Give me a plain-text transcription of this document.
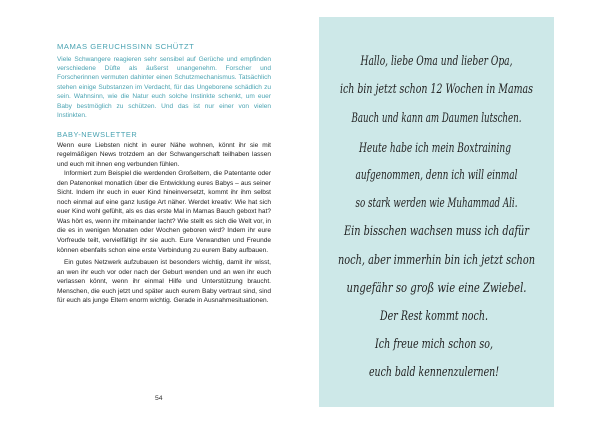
MAMAS GERUCHSSINN SCHÜTZT

Viele Schwangere reagieren sehr sensibel auf Gerüche und empfinden verschiedene Düfte als äußerst unangenehm. Forscher und Forscherinnen vermuten dahinter einen Schutzmechanismus. Tatsächlich stehen einige Substanzen im Verdacht, für das Ungeborene schädlich zu sein. Wahnsinn, wie die Natur euch solche Instinkte schenkt, um euer Baby bestmöglich zu schützen. Und das ist nur einer von vielen Instinkten.

BABY-NEWSLETTER

Wenn eure Liebsten nicht in eurer Nähe wohnen, könnt ihr sie mit regelmäßigen News trotzdem an der Schwangerschaft teilhaben lassen und euch mit ihnen eng verbunden fühlen.

Informiert zum Beispiel die werdenden Großeltern, die Patentante oder den Patenonkel monatlich über die Entwicklung eures Babys – aus seiner Sicht. Indem ihr euch in euer Kind hineinversetzt, kommt ihr ihm selbst noch einmal auf eine ganz lustige Art näher. Werdet kreativ: Wie hat sich euer Kind wohl gefühlt, als es das erste Mal in Mamas Bauch geboxt hat? Was hört es, wenn ihr miteinander lacht? Wie stellt es sich die Welt vor, in die es in wenigen Monaten oder Wochen geboren wird? Indem ihr eure Vorfreude teilt, vervielfältigt ihr sie auch. Eure Verwandten und Freunde können ebenfalls schon eine erste Verbindung zu eurem Baby aufbauen.

Ein gutes Netzwerk aufzubauen ist besonders wichtig, damit ihr wisst, an wen ihr euch vor oder nach der Geburt wenden und an wen ihr euch verlassen könnt, wenn ihr einmal Hilfe und Unterstützung braucht. Menschen, die euch jetzt und später auch eurem Baby vertraut sind, sind für euch als junge Eltern enorm wichtig. Gerade in Ausnahmesituationen.

54
Hallo, liebe Oma und lieber Opa,
ich bin jetzt schon 12 Wochen in Mamas
Bauch und kann am Daumen lutschen.
Heute habe ich mein Boxtraining
aufgenommen, denn ich will einmal
so stark werden wie Muhammad Ali.
Ein bisschen wachsen muss ich dafür
noch, aber immerhin bin ich jetzt schon
ungefähr so groß wie eine Zwiebel.
Der Rest kommt noch.
Ich freue mich schon so,
euch bald kennenzulernen!
